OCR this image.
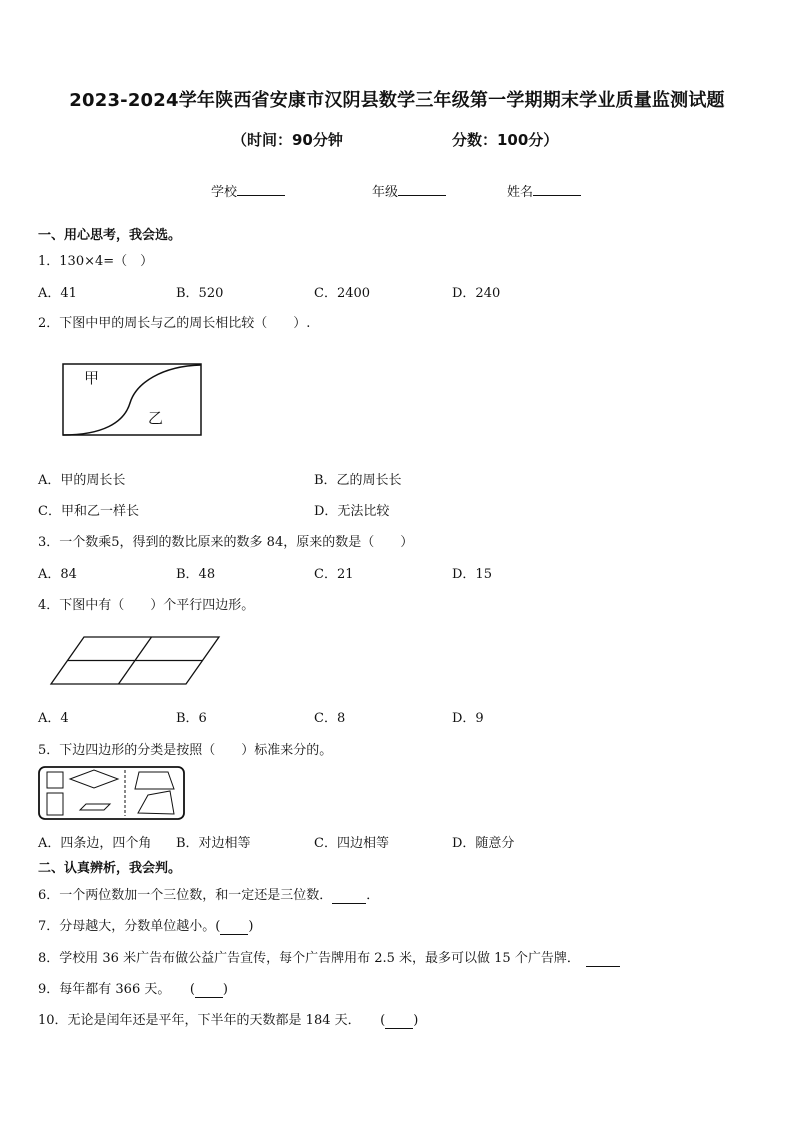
2023-2024学年陕西省安康市汉阴县数学三年级第一学期期末学业质量监测试题
（时间：90分钟	分数：100分）
学校	年级	姓名
一、用心思考，我会选。
1．130×4=（　）
A．41	B．520	C．2400	D．240
2．下图中甲的周长与乙的周长相比较（　　）.
甲
乙
A．甲的周长长	B．乙的周长长
C．甲和乙一样长	D．无法比较
3．一个数乘5，得到的数比原来的数多 84，原来的数是（　　）
A．84	B．48	C．21	D．15
4．下图中有（　　）个平行四边形。
A．4	B．6	C．8	D．9
5．下边四边形的分类是按照（　　）标准来分的。
A．四条边，四个角 B．对边相等	C．四边相等	D．随意分
二、认真辨析，我会判。
6．一个两位数加一个三位数，和一定还是三位数．	．
7．分母越大，分数单位越小。( )
8．学校用 36 米广告布做公益广告宣传，每个广告牌用布 2.5 米，最多可以做 15 个广告牌．
9．每年都有 366 天。　　( )
10．无论是闰年还是平年，下半年的天数都是 184 天．　　( )
